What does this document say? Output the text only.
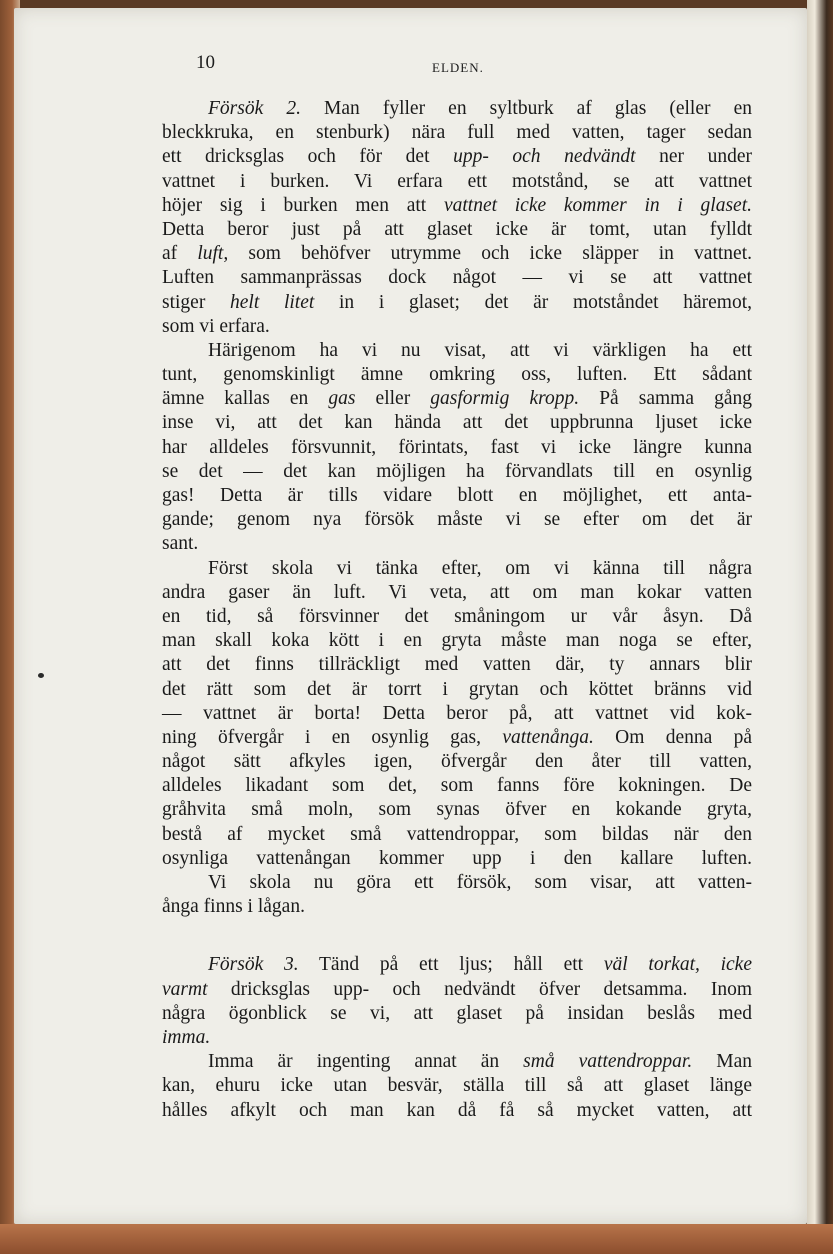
10	ELDEN.
Försök 2. Man fyller en syltburk af glas (eller en
bleckkruka, en stenburk) nära full med vatten, tager sedan
ett dricksglas och för det upp- och nedvändt ner under
vattnet i burken. Vi erfara ett motstånd, se att vattnet
höjer sig i burken men att vattnet icke kommer in i glaset.
Detta beror just på att glaset icke är tomt, utan fylldt
af luft, som behöfver utrymme och icke släpper in vattnet.
Luften sammanprässas dock något — vi se att vattnet
stiger helt litet in i glaset; det är motståndet häremot,
som vi erfara.
Härigenom ha vi nu visat, att vi värkligen ha ett
tunt, genomskinligt ämne omkring oss, luften. Ett sådant
ämne kallas en gas eller gasformig kropp. På samma gång
inse vi, att det kan hända att det uppbrunna ljuset icke
har alldeles försvunnit, förintats, fast vi icke längre kunna
se det — det kan möjligen ha förvandlats till en osynlig
gas! Detta är tills vidare blott en möjlighet, ett anta-
gande; genom nya försök måste vi se efter om det är
sant.
Först skola vi tänka efter, om vi känna till några
andra gaser än luft. Vi veta, att om man kokar vatten
en tid, så försvinner det småningom ur vår åsyn. Då
man skall koka kött i en gryta måste man noga se efter,
att det finns tillräckligt med vatten där, ty annars blir
det rätt som det är torrt i grytan och köttet bränns vid
— vattnet är borta! Detta beror på, att vattnet vid kok-
ning öfvergår i en osynlig gas, vattenånga. Om denna på
något sätt afkyles igen, öfvergår den åter till vatten,
alldeles likadant som det, som fanns före kokningen. De
gråhvita små moln, som synas öfver en kokande gryta,
bestå af mycket små vattendroppar, som bildas när den
osynliga vattenångan kommer upp i den kallare luften.
Vi skola nu göra ett försök, som visar, att vatten-
ånga finns i lågan.
Försök 3. Tänd på ett ljus; håll ett väl torkat, icke
varmt dricksglas upp- och nedvändt öfver detsamma. Inom
några ögonblick se vi, att glaset på insidan beslås med
imma.
Imma är ingenting annat än små vattendroppar. Man
kan, ehuru icke utan besvär, ställa till så att glaset länge
hålles afkylt och man kan då få så mycket vatten, att
